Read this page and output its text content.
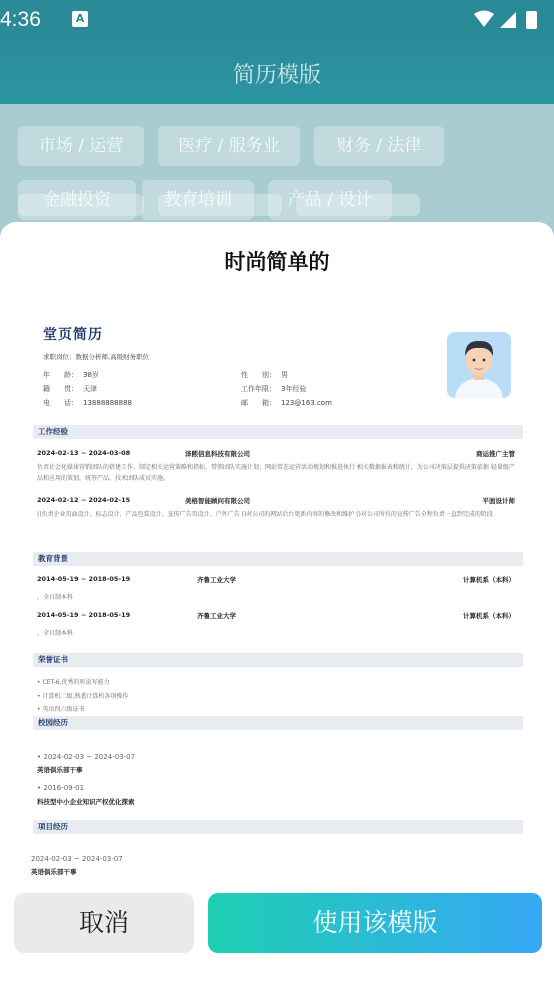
4:36	A
简历模版
市场 / 运营	医疗 / 服务业	财务 / 法律
金融投资	教育培训	产品 / 设计
时尚简单的
堂页简历
求职岗位：数据分析师,高级财务职位
年　　龄： 38岁
籍　　贯： 天津
电　　话： 13888888888
性　　别： 男
工作年限： 3年经验
邮　　箱： 123@163.com
工作经验
2024-02-13 ~ 2024-03-08	泽熙信息科技有限公司	商运推广主管
负责社会化媒体营销团队的搭建工作，制定相关运营策略和指标，带领团队实施计划；网站常态运营活动规划和推进执行 相关数据报表和统计，为公司决策层提供决策依据 轻量级产品和应用的策划，统筹产品、技术团队成员实施。
2024-02-12 ~ 2024-02-15	美格智能顾问有限公司	平面设计师
()负责企业页面设计、标志设计、产品包装设计、宣传广告页设计、户外广告 ()对公司的网站后台更新内容的修改和维护 ()对公司所有的宣传广告全程负责一直到完成的阶段
教育背景
2014-05-19 ~ 2018-05-19	齐鲁工业大学	计算机系（本科）
，全日制本科
2014-05-19 ~ 2018-05-19	齐鲁工业大学	计算机系（本科）
，全日制本科
荣誉证书
• CET-6,优秀的听说写能力
• 计算机二级,熟悉计算机各项操作
• 英语四六级证书
校园经历
• 2024-02-03 ~ 2024-03-07
英语俱乐部干事
• 2016-09-01
科技型中小企业知识产权优化探索
项目经历
2024-02-03 ~ 2024-03-07
英语俱乐部干事
取消	使用该模版
